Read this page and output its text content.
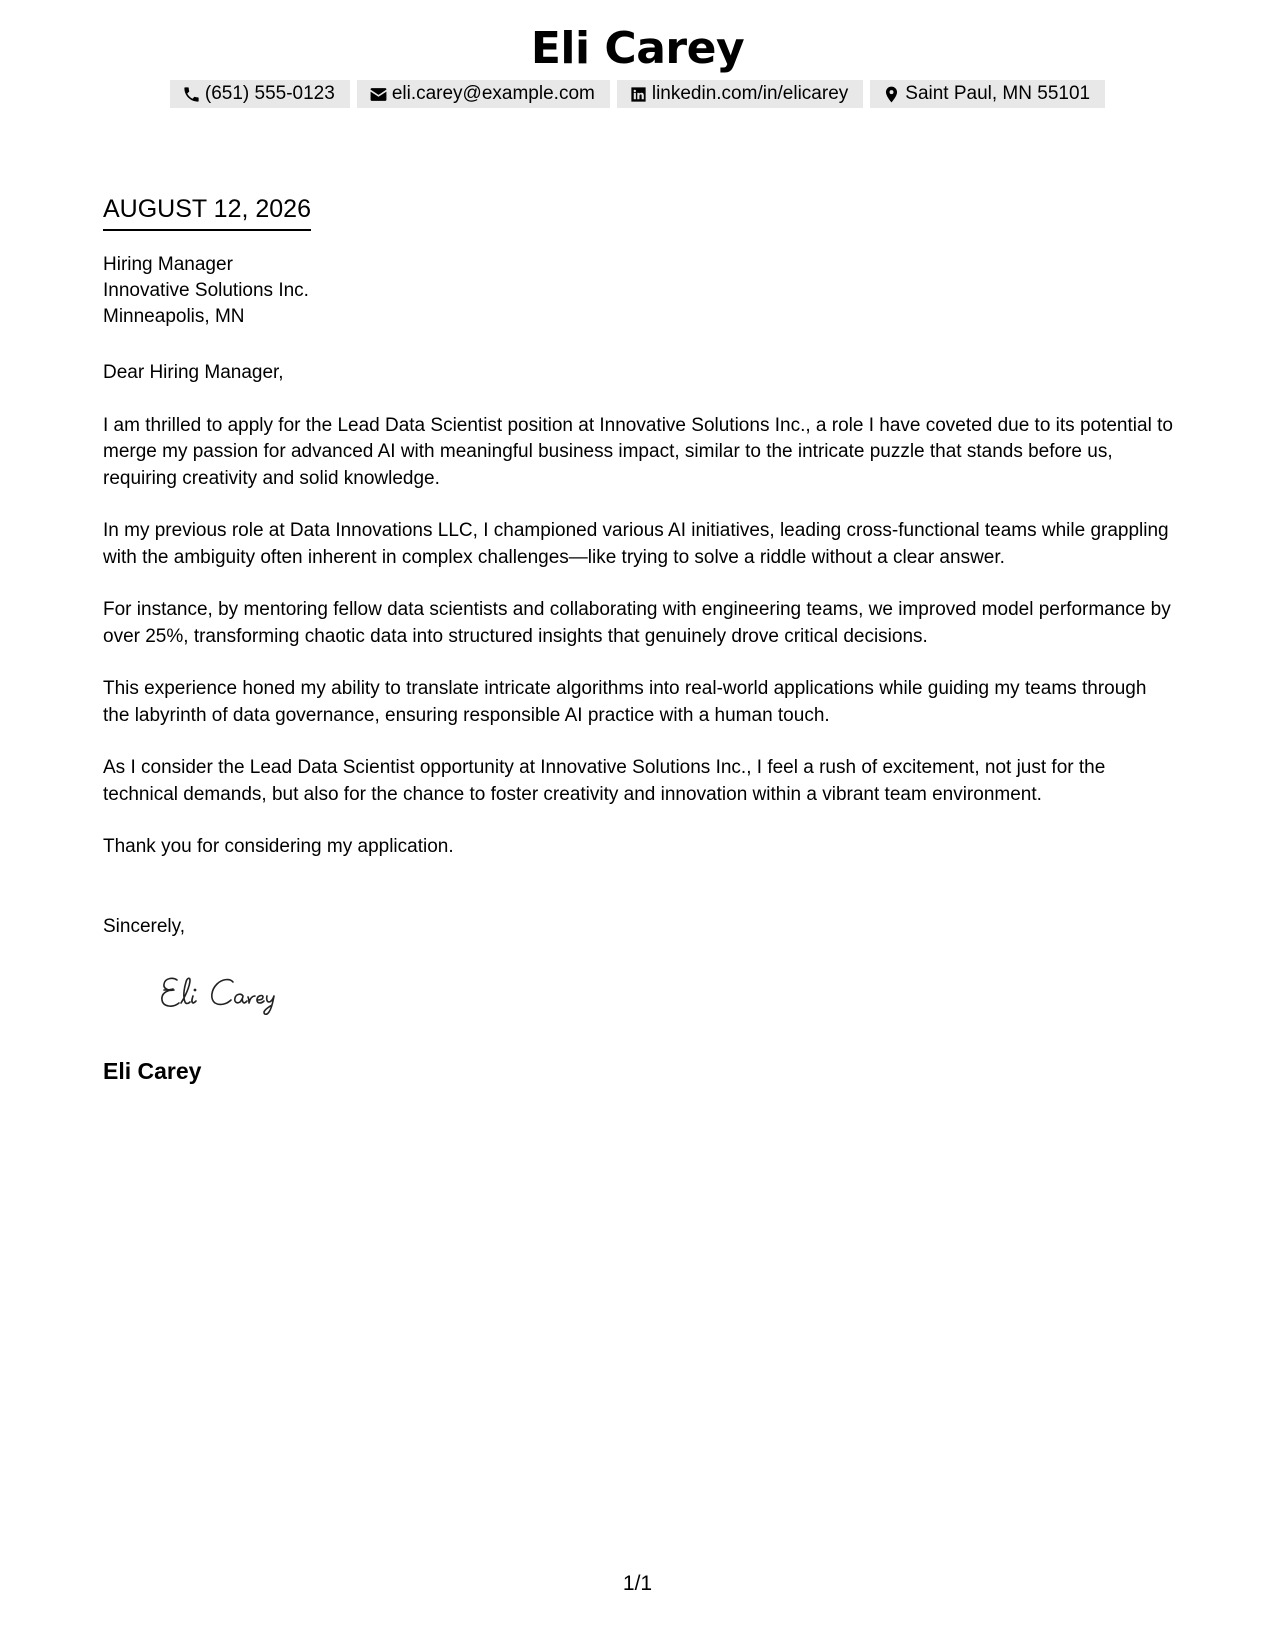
Eli Carey
(651) 555-0123	eli.carey@example.com	linkedin.com/in/elicarey	Saint Paul, MN 55101
AUGUST 12, 2026
Hiring Manager
Innovative Solutions Inc.
Minneapolis, MN

Dear Hiring Manager,

I am thrilled to apply for the Lead Data Scientist position at Innovative Solutions Inc., a role I have coveted due to its potential to merge my passion for advanced AI with meaningful business impact, similar to the intricate puzzle that stands before us, requiring creativity and solid knowledge.

In my previous role at Data Innovations LLC, I championed various AI initiatives, leading cross-functional teams while grappling with the ambiguity often inherent in complex challenges—like trying to solve a riddle without a clear answer.

For instance, by mentoring fellow data scientists and collaborating with engineering teams, we improved model performance by over 25%, transforming chaotic data into structured insights that genuinely drove critical decisions.

This experience honed my ability to translate intricate algorithms into real-world applications while guiding my teams through the labyrinth of data governance, ensuring responsible AI practice with a human touch.

As I consider the Lead Data Scientist opportunity at Innovative Solutions Inc., I feel a rush of excitement, not just for the technical demands, but also for the chance to foster creativity and innovation within a vibrant team environment.

Thank you for considering my application.

Sincerely,
Eli Carey
1/1
